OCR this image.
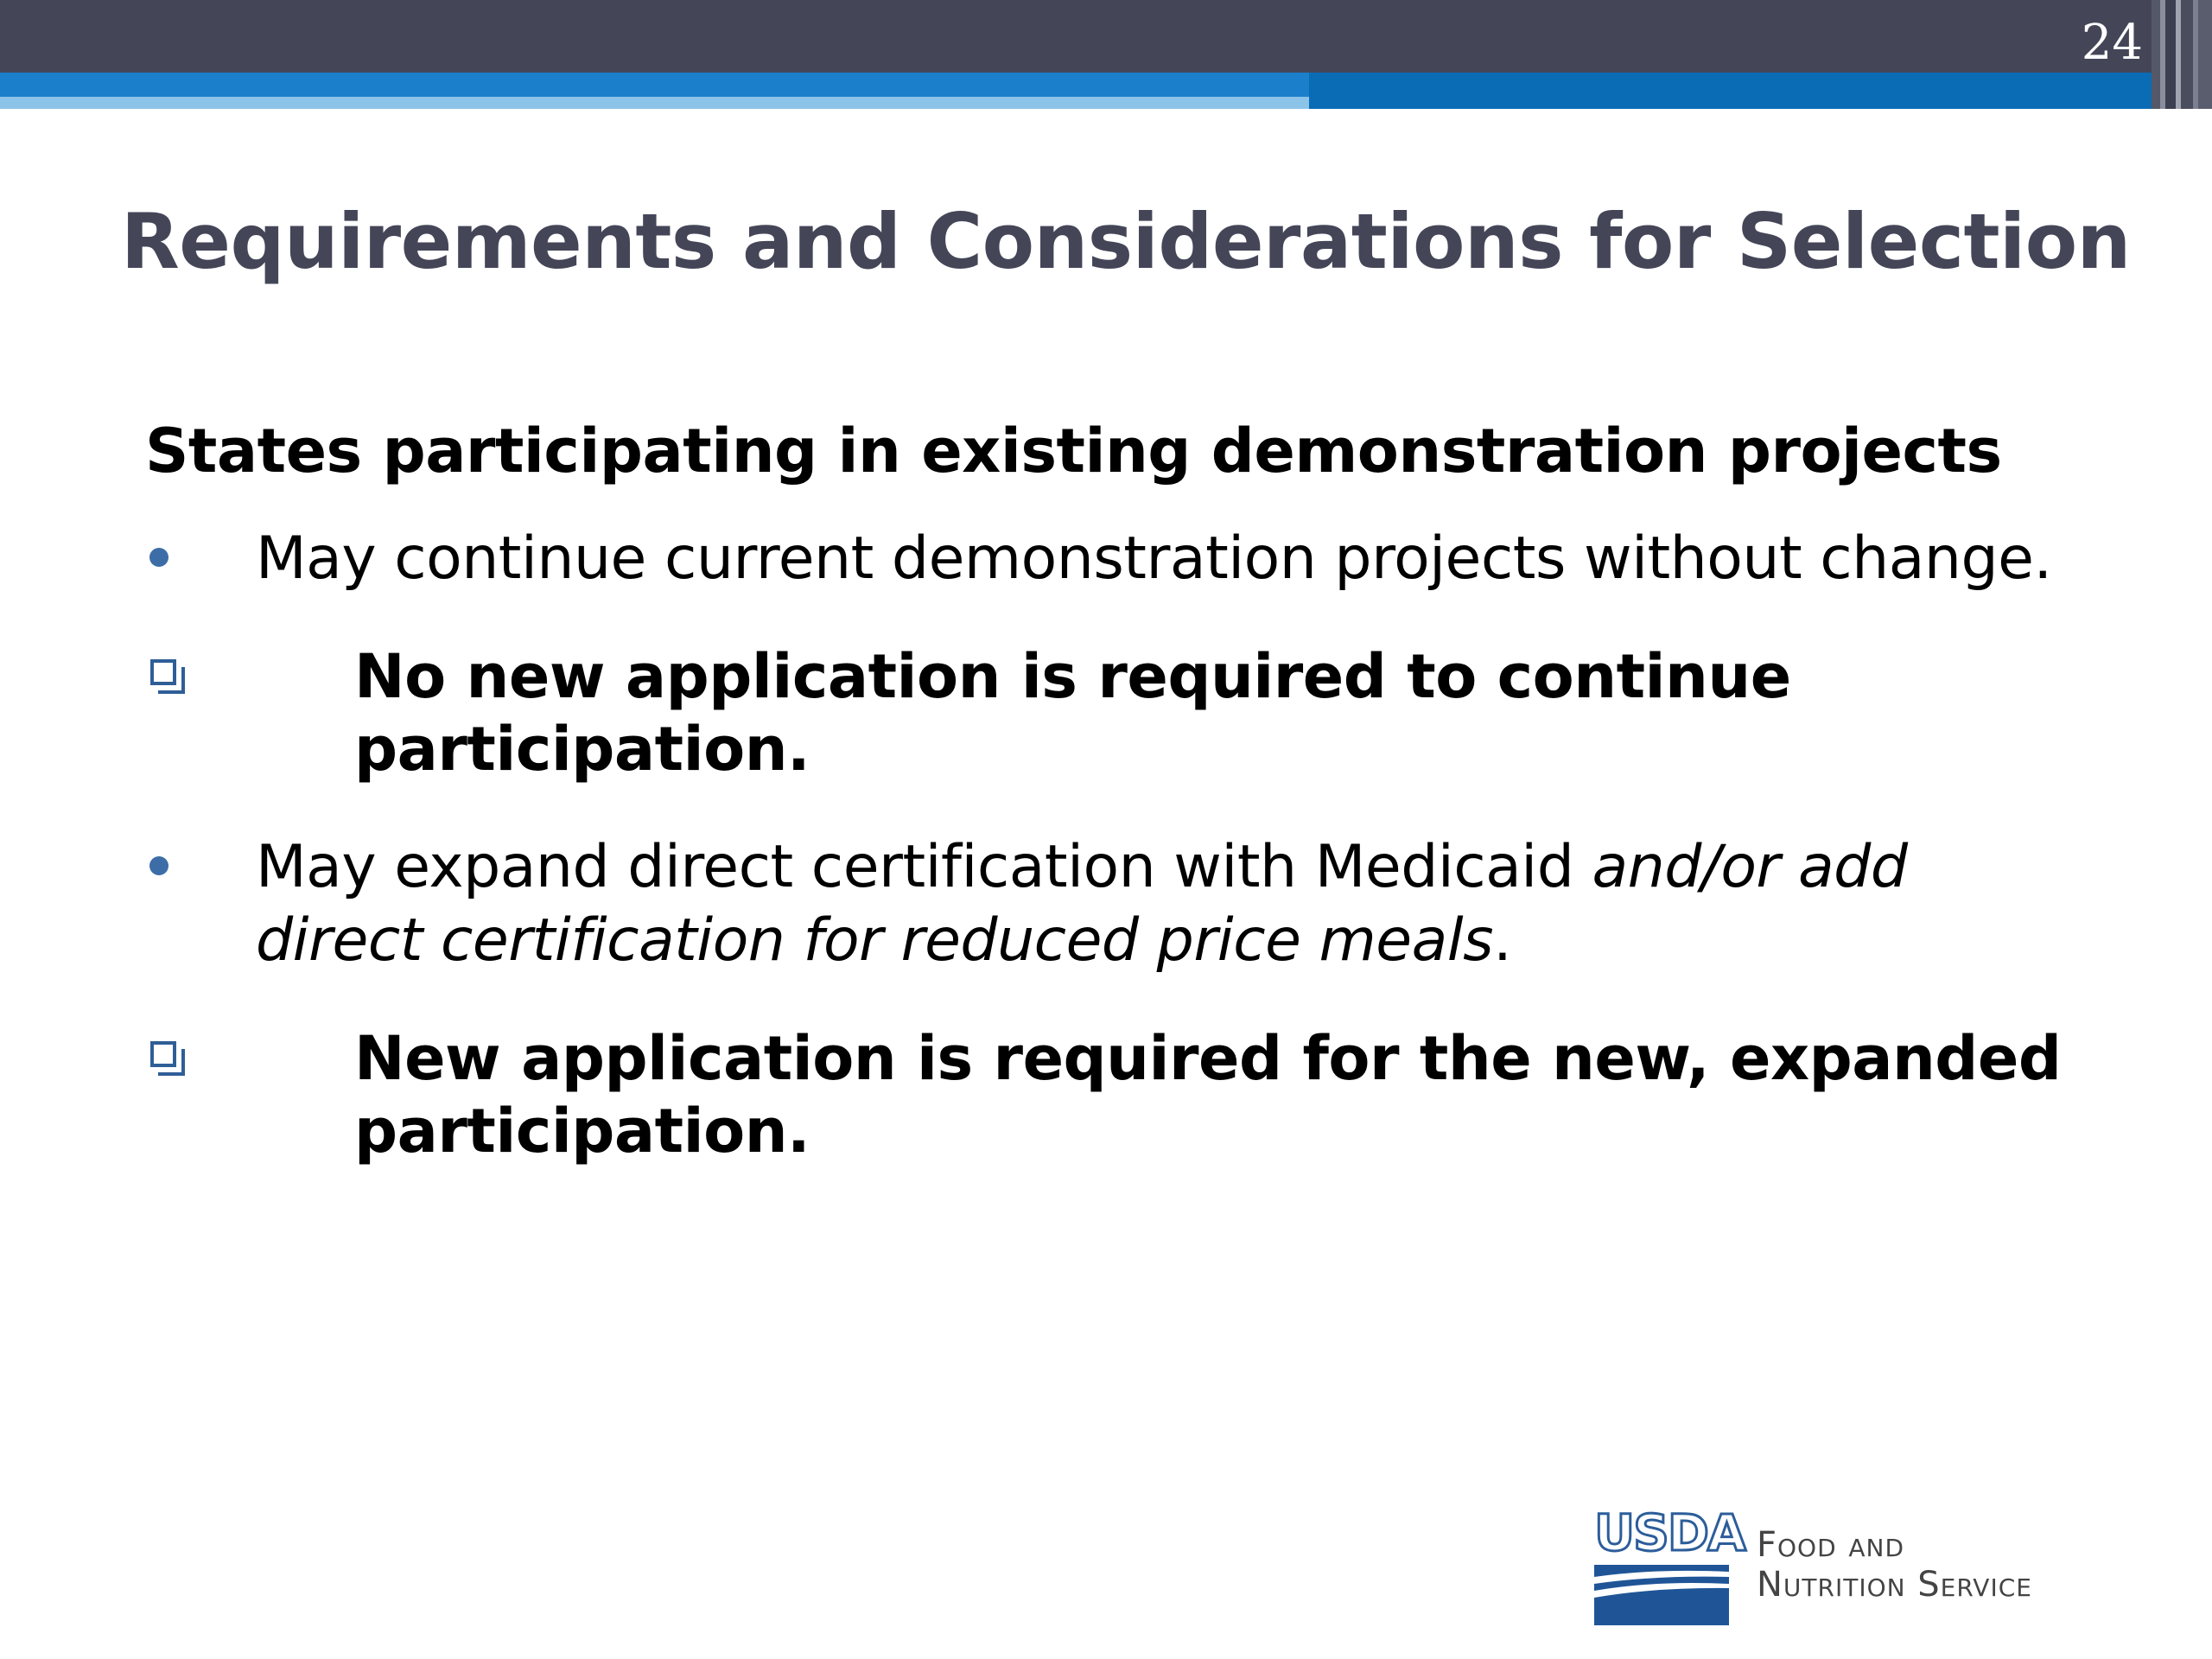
24
Requirements and Considerations for Selection

States participating in existing demonstration projects

May continue current demonstration projects without change.
No new application is required to continue participation.
May expand direct certification with Medicaid and/or add direct certification for reduced price meals.
New application is required for the new, expanded participation.
USDA Food and
Nutrition Service
